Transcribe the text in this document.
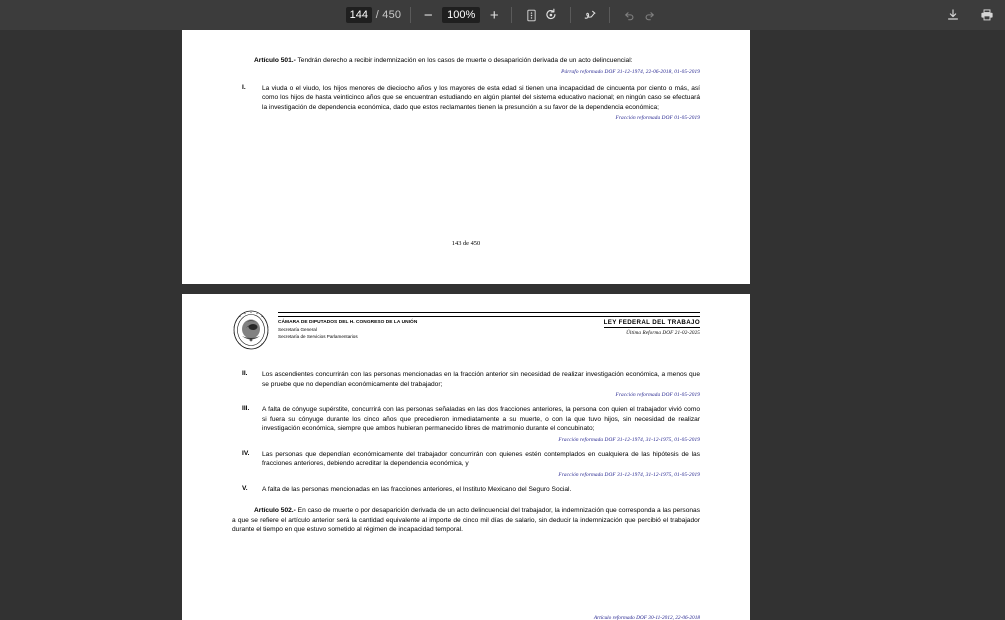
144
/ 450 −
100%	+

Artículo 501.- Tendrán derecho a recibir indemnización en los casos de muerte o desaparición derivada de un acto delincuencial:

Párrafo reformado DOF 31-12-1974, 22-06-2018, 01-05-2019
I.	La viuda o el viudo, los hijos menores de dieciocho años y los mayores de esta edad si tienen una incapacidad de cincuenta por ciento o más, así como los hijos de hasta veinticinco años que se encuentran estudiando en algún plantel del sistema educativo nacional; en ningún caso se efectuará la investigación de dependencia económica, dado que estos reclamantes tienen la presunción a su favor de la dependencia económica;

Fracción reformada DOF 01-05-2019
143 de 450
CÁMARA DE DIPUTADOS DEL H. CONGRESO DE LA UNIÓN
Secretaría General
Secretaría de Servicios Parlamentarios
LEY FEDERAL DEL TRABAJO
Última Reforma DOF 21-02-2025
II.	Los ascendientes concurrirán con las personas mencionadas en la fracción anterior sin necesidad de realizar investigación económica, a menos que se pruebe que no dependían económicamente del trabajador;

Fracción reformada DOF 01-05-2019
III.	A falta de cónyuge supérstite, concurrirá con las personas señaladas en las dos fracciones anteriores, la persona con quien el trabajador vivió como si fuera su cónyuge durante los cinco años que precedieron inmediatamente a su muerte, o con la que tuvo hijos, sin necesidad de realizar investigación económica, siempre que ambos hubieran permanecido libres de matrimonio durante el concubinato;

Fracción reformada DOF 31-12-1974, 31-12-1975, 01-05-2019
IV.	Las personas que dependían económicamente del trabajador concurrirán con quienes estén contemplados en cualquiera de las hipótesis de las fracciones anteriores, debiendo acreditar la dependencia económica, y

Fracción reformada DOF 31-12-1974, 31-12-1975, 01-05-2019
V.	A falta de las personas mencionadas en las fracciones anteriores, el Instituto Mexicano del Seguro Social.

Artículo 502.- En caso de muerte o por desaparición derivada de un acto delincuencial del trabajador, la indemnización que corresponda a las personas a que se refiere el artículo anterior será la cantidad equivalente al importe de cinco mil días de salario, sin deducir la indemnización que percibió el trabajador durante el tiempo en que estuvo sometido al régimen de incapacidad temporal.

Artículo reformado DOF 30-11-2012, 22-06-2018
